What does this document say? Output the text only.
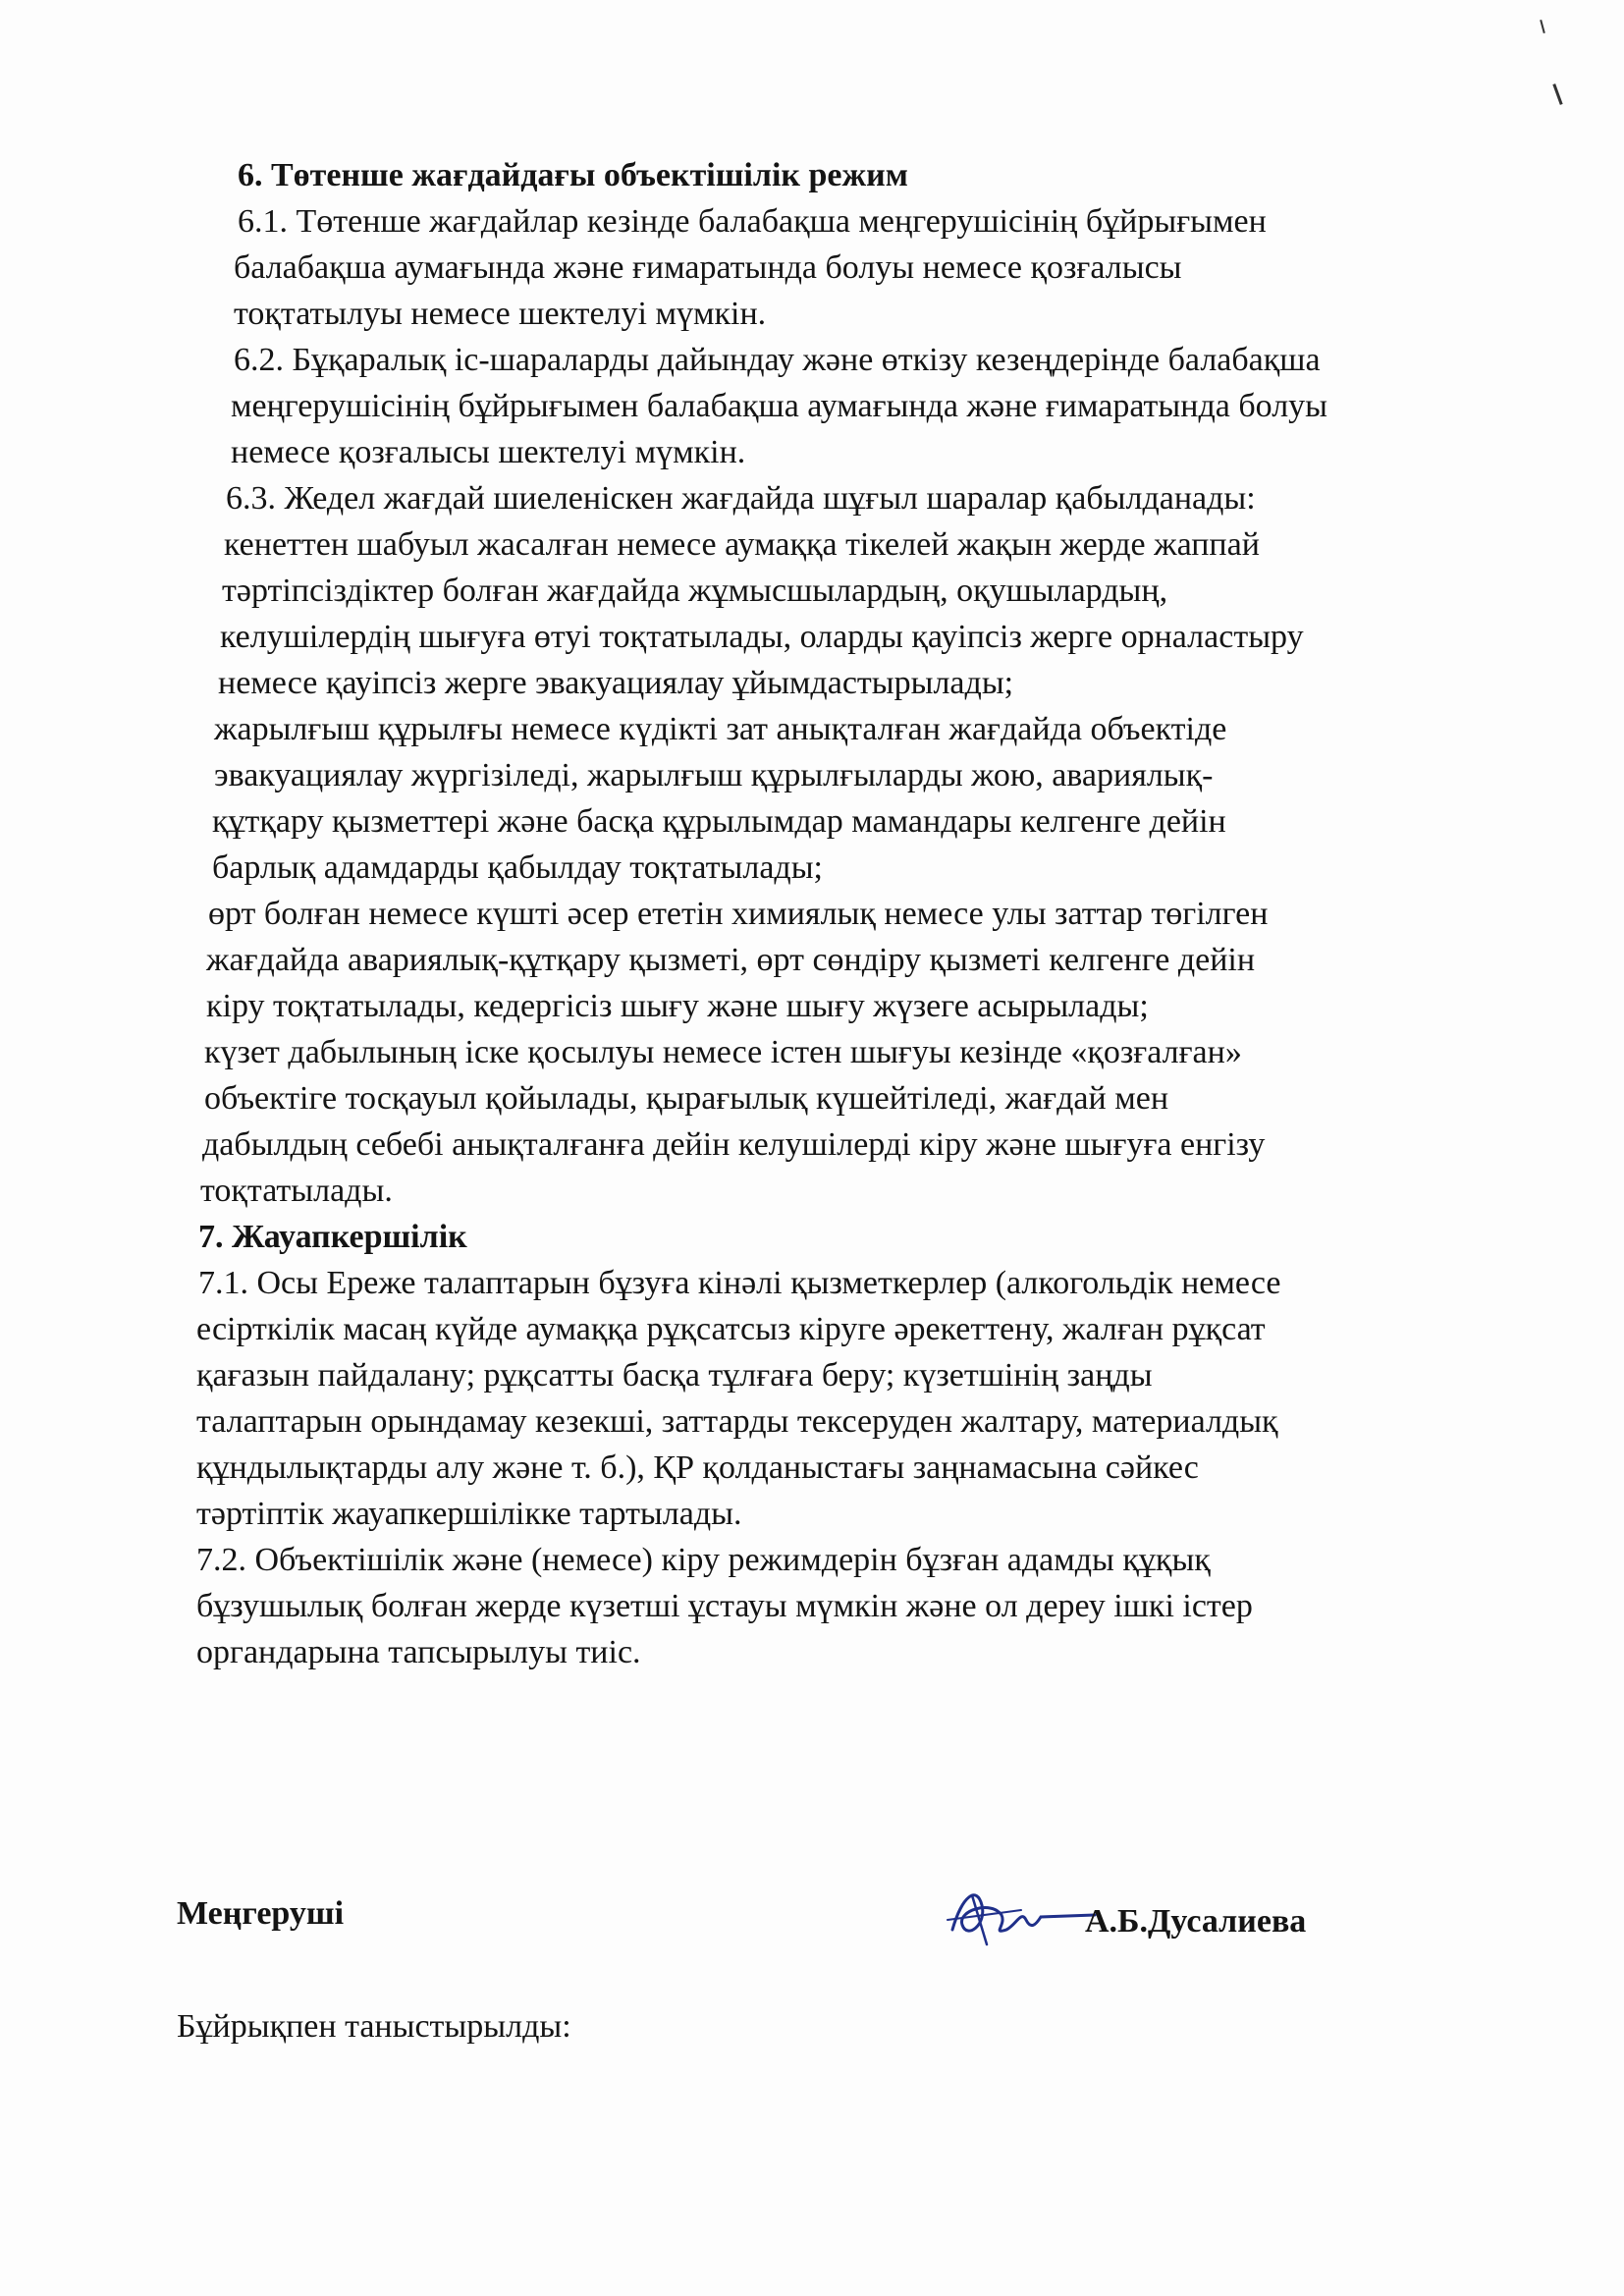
6. Төтенше жағдайдағы объектішілік режим

6.1. Төтенше жағдайлар кезінде балабақша меңгерушісінің бұйрығымен

балабақша аумағында және ғимаратында болуы немесе қозғалысы

тоқтатылуы немесе шектелуі мүмкін.

6.2. Бұқаралық іс-шараларды дайындау және өткізу кезеңдерінде балабақша

меңгерушісінің бұйрығымен балабақша аумағында және ғимаратында болуы

немесе қозғалысы шектелуі мүмкін.

6.3. Жедел жағдай шиеленіскен жағдайда шұғыл шаралар қабылданады:

кенеттен шабуыл жасалған немесе аумаққа тікелей жақын жерде жаппай

тәртіпсіздіктер болған жағдайда жұмысшылардың, оқушылардың,

келушілердің шығуға өтуі тоқтатылады, оларды қауіпсіз жерге орналастыру

немесе қауіпсіз жерге эвакуациялау ұйымдастырылады;

жарылғыш құрылғы немесе күдікті зат анықталған жағдайда объектіде

эвакуациялау жүргізіледі, жарылғыш құрылғыларды жою, авариялық-

құтқару қызметтері және басқа құрылымдар мамандары келгенге дейін

барлық адамдарды қабылдау тоқтатылады;

өрт болған немесе күшті әсер ететін химиялық немесе улы заттар төгілген

жағдайда авариялық-құтқару қызметі, өрт сөндіру қызметі келгенге дейін

кіру тоқтатылады, кедергісіз шығу және шығу жүзеге асырылады;

күзет дабылының іске қосылуы немесе істен шығуы кезінде «қозғалған»

объектіге тосқауыл қойылады, қырағылық күшейтіледі, жағдай мен

дабылдың себебі анықталғанға дейін келушілерді кіру және шығуға енгізу

тоқтатылады.

7. Жауапкершілік

7.1. Осы Ереже талаптарын бұзуға кінәлі қызметкерлер (алкогольдік немесе

есірткілік масаң күйде аумаққа рұқсатсыз кіруге әрекеттену, жалған рұқсат

қағазын пайдалану; рұқсатты басқа тұлғаға беру; күзетшінің заңды

талаптарын орындамау кезекші, заттарды тексеруден жалтару, материалдық

құндылықтарды алу және т. б.), ҚР қолданыстағы заңнамасына сәйкес

тәртіптік жауапкершілікке тартылады.

7.2. Объектішілік және (немесе) кіру режимдерін бұзған адамды құқық

бұзушылық болған жерде күзетші ұстауы мүмкін және ол дереу ішкі істер

органдарына тапсырылуы тиіс.

Меңгеруші	А.Б.Дусалиева
Бұйрықпен таныстырылды:
